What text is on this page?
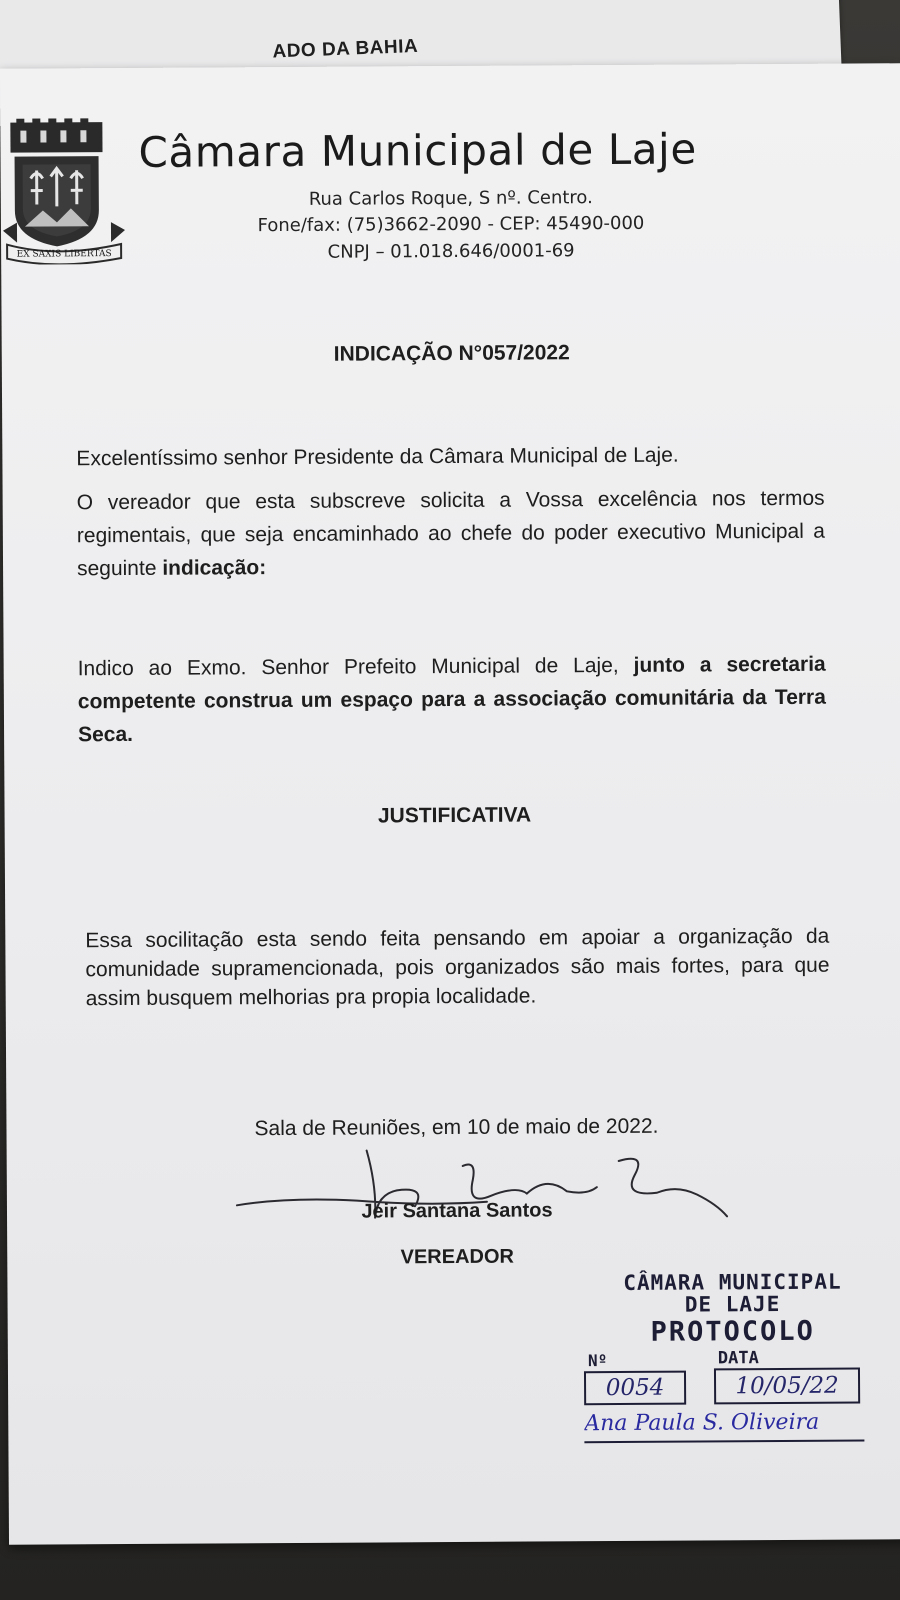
ADO DA BAHIA
EX SAXIS LIBERTAS
Câmara Municipal de Laje
Rua Carlos Roque, S nº. Centro.
Fone/fax: (75)3662-2090 - CEP: 45490-000
CNPJ – 01.018.646/0001-69
INDICAÇÃO N°057/2022
Excelentíssimo senhor Presidente da Câmara Municipal de Laje.
O vereador que esta subscreve solicita a Vossa excelência nos termos regimentais, que seja encaminhado ao chefe do poder executivo Municipal a seguinte indicação:
Indico ao Exmo. Senhor Prefeito Municipal de Laje, junto a secretaria competente construa um espaço para a associação comunitária da Terra Seca.
JUSTIFICATIVA
Essa socilitação esta sendo feita pensando em apoiar a organização da comunidade supramencionada, pois organizados são mais fortes, para que assim busquem melhorias pra propia localidade.
Sala de Reuniões, em 10 de maio de 2022.
Jeir Santana Santos
VEREADOR
CÂMARA MUNICIPAL
DE LAJE
PROTOCOLO
Nº	DATA
0054	10/05/22
Ana Paula S. Oliveira
